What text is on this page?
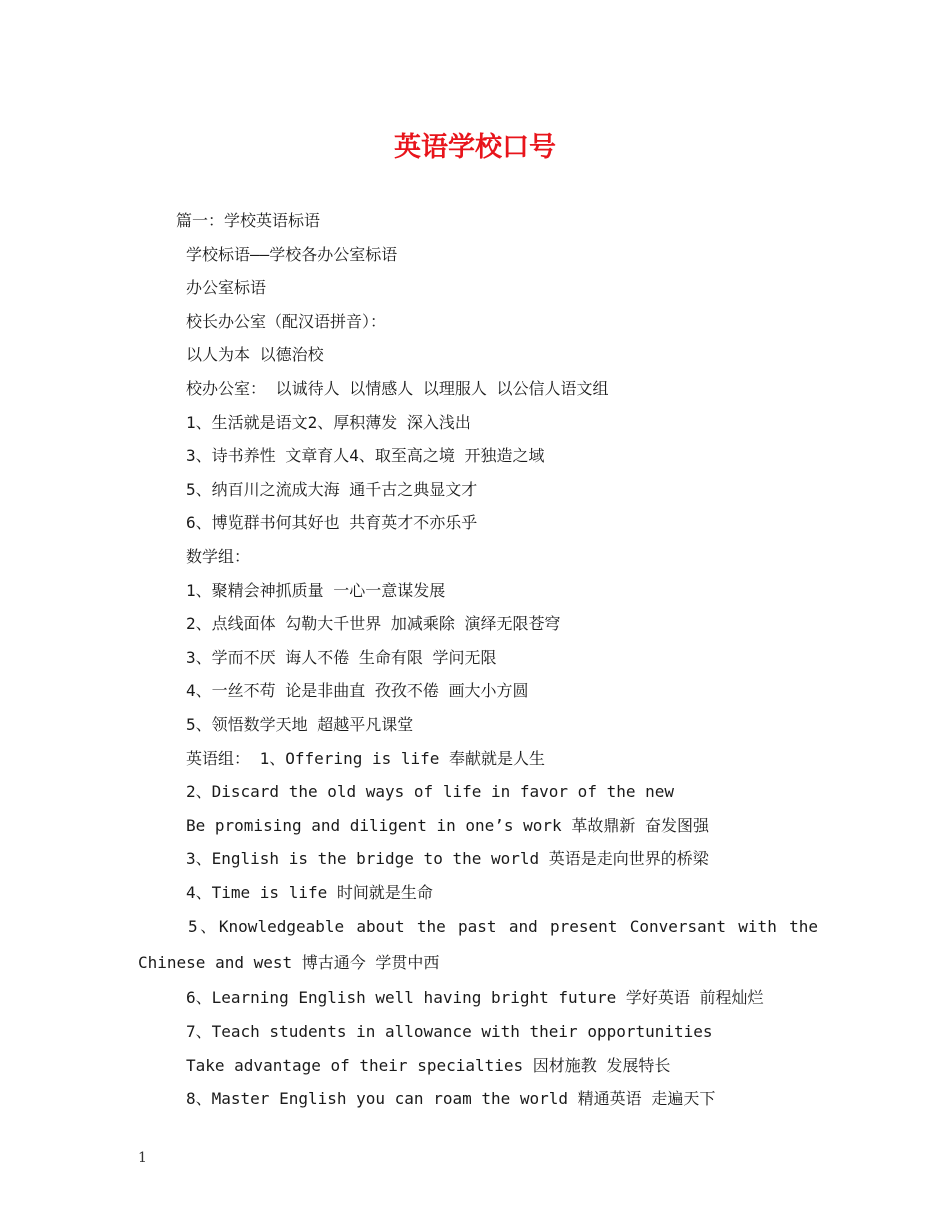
英语学校口号
篇一：学校英语标语
学校标语——学校各办公室标语
办公室标语
校长办公室（配汉语拼音）：
以人为本 以德治校
校办公室： 以诚待人 以情感人 以理服人 以公信人语文组
1、生活就是语文2、厚积薄发 深入浅出
3、诗书养性 文章育人4、取至高之境 开独造之域
5、纳百川之流成大海 通千古之典显文才
6、博览群书何其好也 共育英才不亦乐乎
数学组：
1、聚精会神抓质量 一心一意谋发展
2、点线面体 勾勒大千世界 加减乘除 演绎无限苍穹
3、学而不厌 诲人不倦 生命有限 学问无限
4、一丝不苟 论是非曲直 孜孜不倦 画大小方圆
5、领悟数学天地 超越平凡课堂
英语组： 1、Offering is life 奉献就是人生
2、Discard the old ways of life in favor of the new
Be promising and diligent in one’s work 革故鼎新 奋发图强
3、English is the bridge to the world 英语是走向世界的桥梁
4、Time is life 时间就是生命
5、Knowledgeable about the past and present Conversant with the Chinese and west 博古通今 学贯中西
6、Learning English well having bright future 学好英语 前程灿烂
7、Teach students in allowance with their opportunities
Take advantage of their specialties 因材施教 发展特长
8、Master English you can roam the world 精通英语 走遍天下
1
